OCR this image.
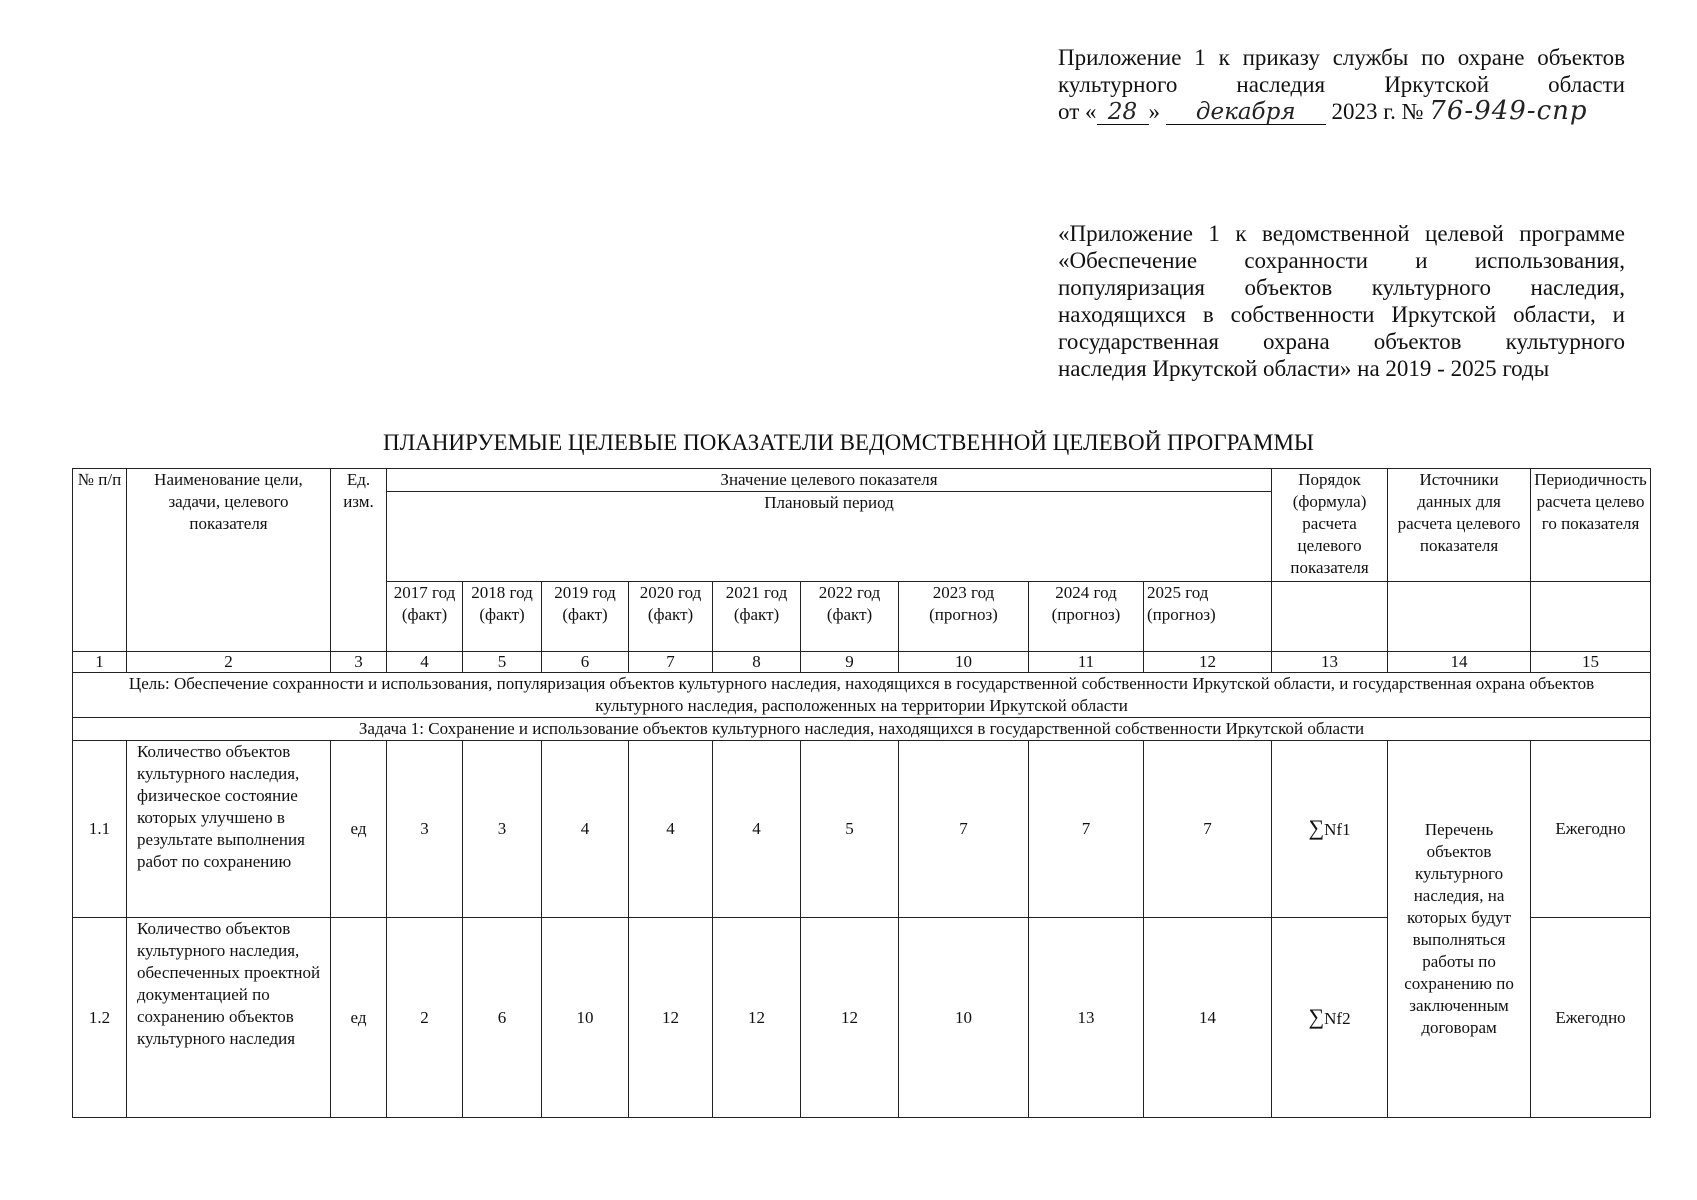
Приложение 1 к приказу службы по охране объектов
культурного	наследия	Иркутской	области
от « 28 » декабря 2023 г. № 76-949-спр
«Приложение 1 к ведомственной целевой программе
«Обеспечение сохранности и использования,
популяризация объектов культурного наследия,
находящихся в собственности Иркутской области, и
государственная охрана объектов культурного
наследия Иркутской области» на 2019 - 2025 годы
ПЛАНИРУЕМЫЕ ЦЕЛЕВЫЕ ПОКАЗАТЕЛИ ВЕДОМСТВЕННОЙ ЦЕЛЕВОЙ ПРОГРАММЫ
№ п/п	Наименование цели, задачи, целевого показателя	Ед. изм.	Значение целевого показателя									Порядок (формула) расчета целевого показателя	Источники данных для расчета целевого показателя	Периодичность расчета целевого показателя
			Плановый период											
			2017 год (факт)	2018 год (факт)	2019 год (факт)	2020 год (факт)	2021 год (факт)	2022 год (факт)	2023 год (прогноз)	2024 год (прогноз)	2025 год (прогноз)			
1	2	3	4	5	6	7	8	9	10	11	12	13	14	15
Цель: Обеспечение сохранности и использования, популяризация объектов культурного наследия, находящихся в государственной собственности Иркутской области, и государственная охрана объектов культурного наследия, расположенных на территории Иркутской области														
Задача 1: Сохранение и использование объектов культурного наследия, находящихся в государственной собственности Иркутской области														
1.1	Количество объектов культурного наследия, физическое состояние которых улучшено в результате выполнения работ по сохранению	ед	3	3	4	4	4	5	7	7	7	∑Nf1	Перечень объектов культурного наследия, на которых будут выполняться работы по сохранению по заключенным договорам	Ежегодно
1.2	Количество объектов культурного наследия, обеспеченных проектной документацией по сохранению объектов культурного наследия	ед	2	6	10	12	12	12	10	13	14	∑Nf2		Ежегодно
